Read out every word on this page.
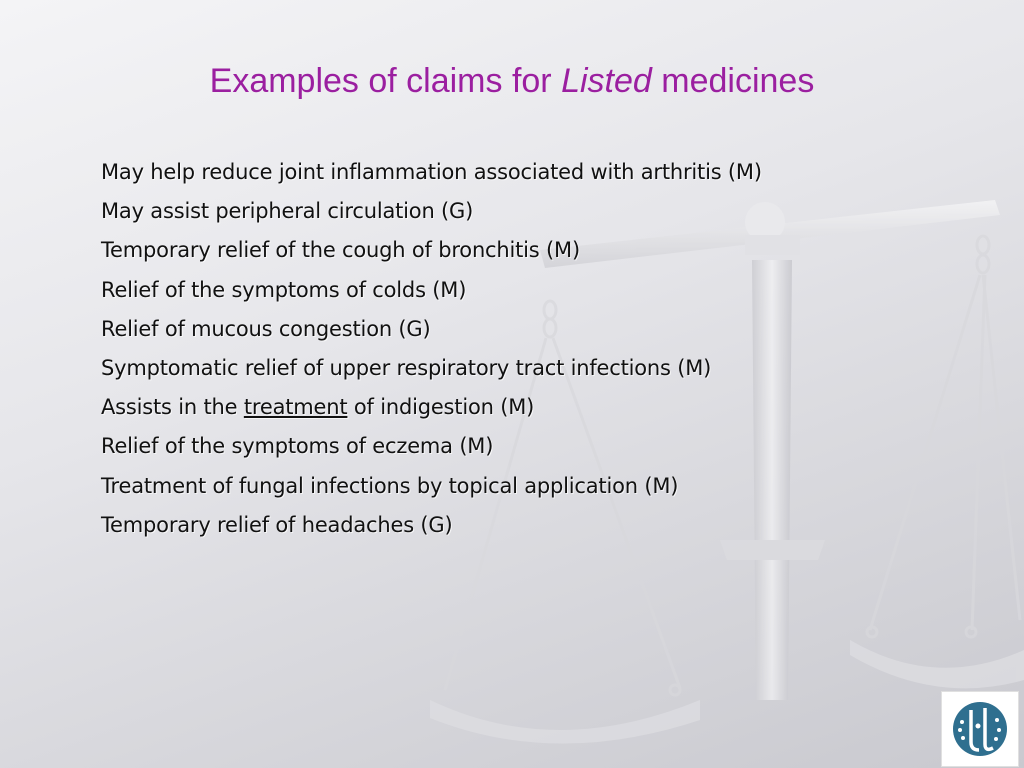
Examples of claims for Listed medicines
May help reduce joint inflammation associated with arthritis (M)
May assist peripheral circulation (G)
Temporary relief of the cough of bronchitis (M)
Relief of the symptoms of colds (M)
Relief of mucous congestion (G)
Symptomatic relief of upper respiratory tract infections (M)
Assists in the treatment of indigestion (M)
Relief of the symptoms of eczema (M)
Treatment of fungal infections by topical application (M)
Temporary relief of headaches (G)
